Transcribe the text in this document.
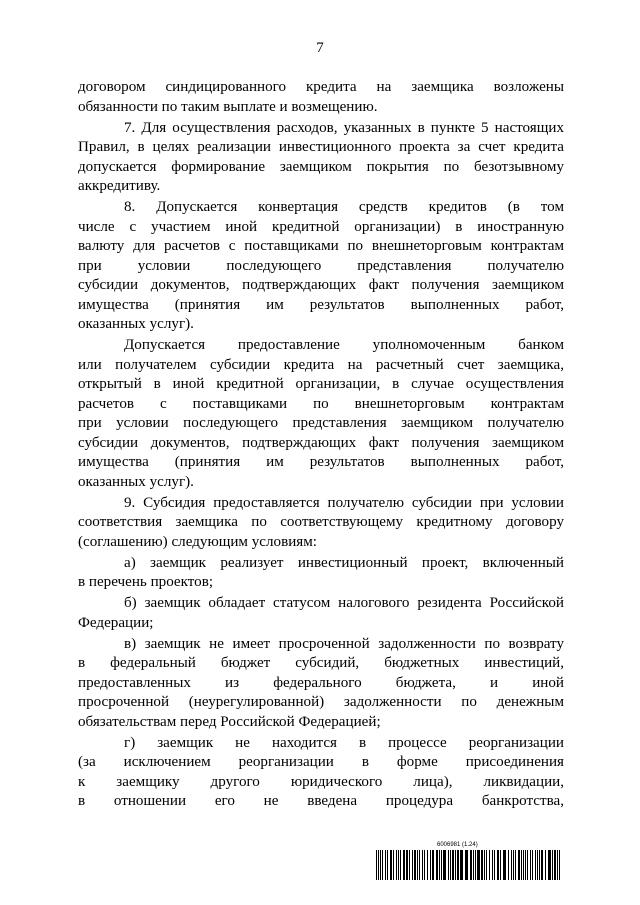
7
договором синдицированного кредита на заемщика возложены
обязанности по таким выплате и возмещению.
7. Для осуществления расходов, указанных в пункте 5 настоящих
Правил, в целях реализации инвестиционного проекта за счет кредита
допускается формирование заемщиком покрытия по безотзывному
аккредитиву.
8. Допускается конвертация средств кредитов (в том
числе с участием иной кредитной организации) в иностранную
валюту для расчетов с поставщиками по внешнеторговым контрактам
при условии последующего представления получателю
субсидии документов, подтверждающих факт получения заемщиком
имущества (принятия им результатов выполненных работ,
оказанных услуг).
Допускается предоставление уполномоченным банком
или получателем субсидии кредита на расчетный счет заемщика,
открытый в иной кредитной организации, в случае осуществления
расчетов с поставщиками по внешнеторговым контрактам
при условии последующего представления заемщиком получателю
субсидии документов, подтверждающих факт получения заемщиком
имущества (принятия им результатов выполненных работ,
оказанных услуг).
9. Субсидия предоставляется получателю субсидии при условии
соответствия заемщика по соответствующему кредитному договору
(соглашению) следующим условиям:
а) заемщик реализует инвестиционный проект, включенный
в перечень проектов;
б) заемщик обладает статусом налогового резидента Российской
Федерации;
в) заемщик не имеет просроченной задолженности по возврату
в федеральный бюджет субсидий, бюджетных инвестиций,
предоставленных из федерального бюджета, и иной
просроченной (неурегулированной) задолженности по денежным
обязательствам перед Российской Федерацией;
г) заемщик не находится в процессе реорганизации
(за исключением реорганизации в форме присоединения
к заемщику другого юридического лица), ликвидации,
в отношении его не введена процедура банкротства,
6006981 (1.24)
